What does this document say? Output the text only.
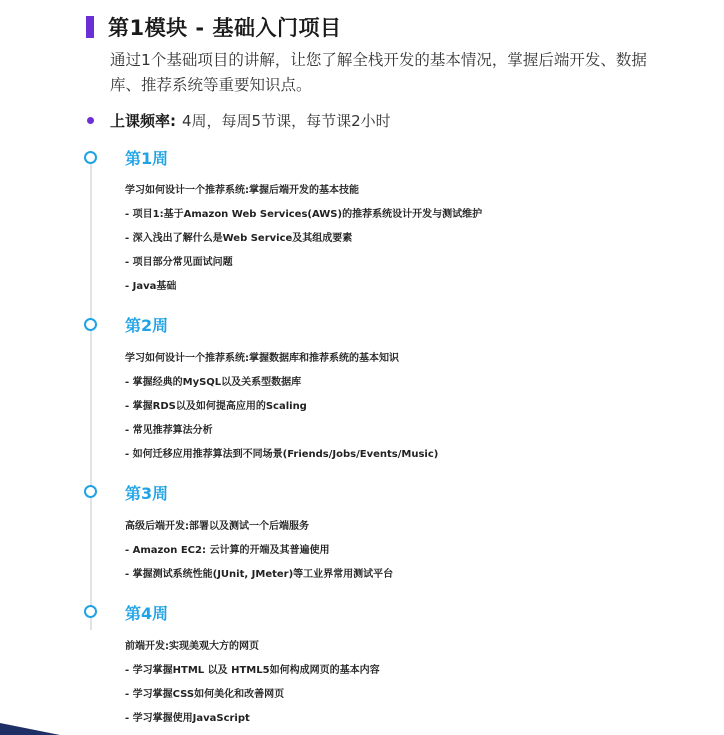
第1模块 - 基础入门项目
通过1个基础项目的讲解，让您了解全栈开发的基本情况，掌握后端开发、数据库、推荐系统等重要知识点。
上课频率: 4周，每周5节课，每节课2小时
第1周
学习如何设计一个推荐系统:掌握后端开发的基本技能
- 项目1:基于Amazon Web Services(AWS)的推荐系统设计开发与测试维护
- 深入浅出了解什么是Web Service及其组成要素
- 项目部分常见面试问题
- Java基础
第2周
学习如何设计一个推荐系统:掌握数据库和推荐系统的基本知识
- 掌握经典的MySQL以及关系型数据库
- 掌握RDS以及如何提高应用的Scaling
- 常见推荐算法分析
- 如何迁移应用推荐算法到不同场景(Friends/Jobs/Events/Music)
第3周
高级后端开发:部署以及测试一个后端服务
- Amazon EC2: 云计算的开端及其普遍使用
- 掌握测试系统性能(JUnit, JMeter)等工业界常用测试平台
第4周
前端开发:实现美观大方的网页
- 学习掌握HTML 以及 HTML5如何构成网页的基本内容
- 学习掌握CSS如何美化和改善网页
- 学习掌握使用JavaScript
